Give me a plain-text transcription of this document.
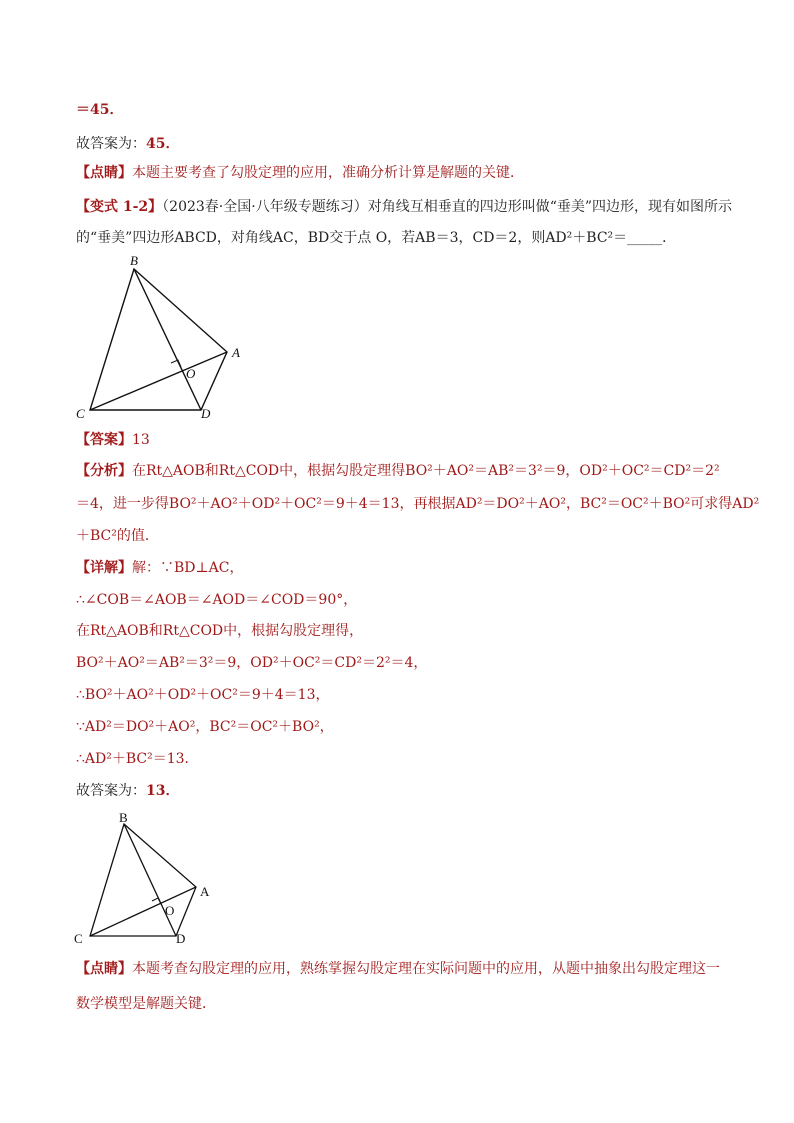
＝45．
故答案为：45．
【点睛】本题主要考查了勾股定理的应用，准确分析计算是解题的关键．
【变式 1-2】（2023春·全国·八年级专题练习）对角线互相垂直的四边形叫做“垂美”四边形，现有如图所示
的“垂美”四边形ABCD，对角线AC，BD交于点 O，若AB＝3，CD＝2，则AD²＋BC²＝_____．
B
A
O
C	D
【答案】13
【分析】在Rt△AOB和Rt△COD中，根据勾股定理得BO²＋AO²＝AB²＝3²＝9，OD²＋OC²＝CD²＝2²
＝4，进一步得BO²＋AO²＋OD²＋OC²＝9＋4＝13，再根据AD²＝DO²＋AO²，BC²＝OC²＋BO²可求得AD²
＋BC²的值．
【详解】解：∵BD⊥AC，
∴∠COB＝∠AOB＝∠AOD＝∠COD＝90°，
在Rt△AOB和Rt△COD中，根据勾股定理得，
BO²＋AO²＝AB²＝3²＝9，OD²＋OC²＝CD²＝2²＝4，
∴BO²＋AO²＋OD²＋OC²＝9＋4＝13，
∵AD²＝DO²＋AO²，BC²＝OC²＋BO²，
∴AD²＋BC²＝13．
故答案为：13．
B
A
O
C	D
【点睛】本题考查勾股定理的应用，熟练掌握勾股定理在实际问题中的应用，从题中抽象出勾股定理这一
数学模型是解题关键．
